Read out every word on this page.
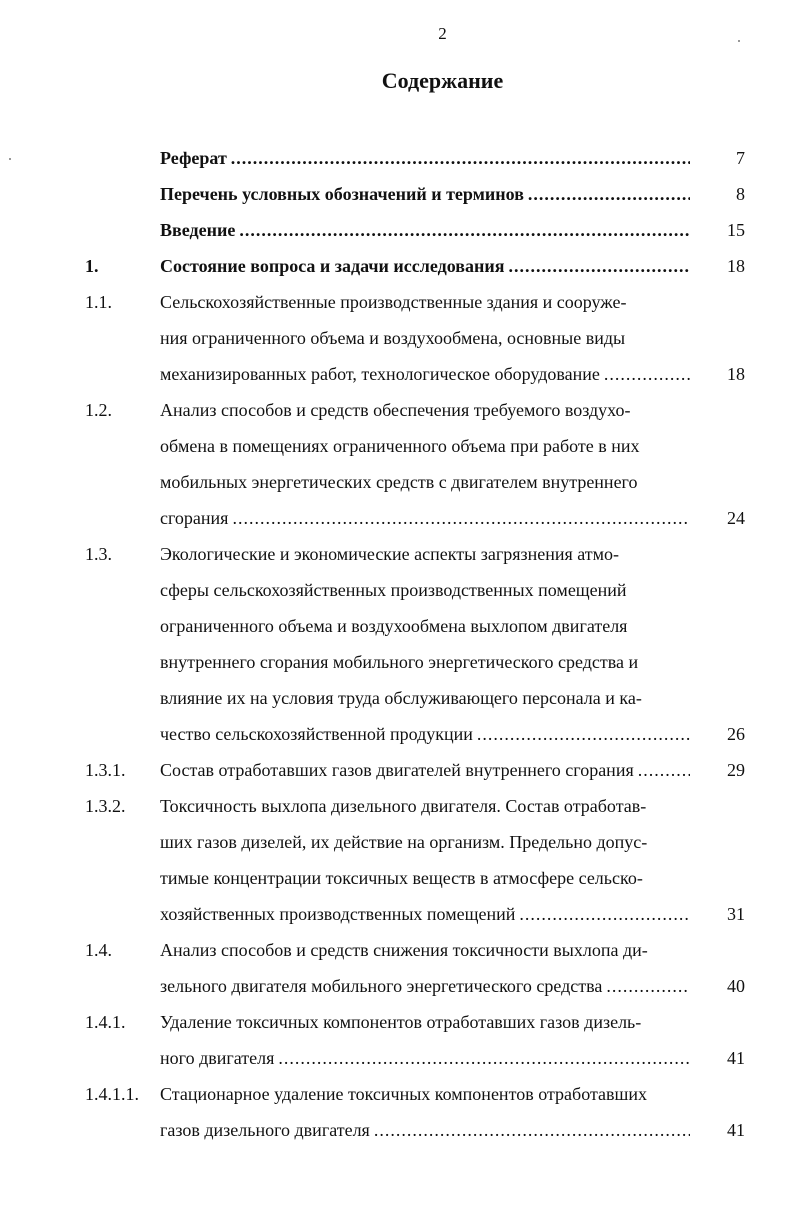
2
Содержание
Реферат .....	7
Перечень условных обозначений и терминов .....	8
Введение .....	15
1.	Состояние вопроса и задачи исследования .....	18
1.1.	Сельскохозяйственные производственные здания и сооруже-
ния ограниченного объема и воздухообмена, основные виды
механизированных работ, технологическое оборудование .....	18
1.2.	Анализ способов и средств обеспечения требуемого воздухо-
обмена в помещениях ограниченного объема при работе в них
мобильных энергетических средств с двигателем внутреннего
сгорания .....	24
1.3.	Экологические и экономические аспекты загрязнения атмо-
сферы сельскохозяйственных производственных помещений
ограниченного объема и воздухообмена выхлопом двигателя
внутреннего сгорания мобильного энергетического средства и
влияние их на условия труда обслуживающего персонала и ка-
чество сельскохозяйственной продукции .....	26
1.3.1. Состав отработавших газов двигателей внутреннего сгорания .....	29
1.3.2. Токсичность выхлопа дизельного двигателя. Состав отработав-
ших газов дизелей, их действие на организм. Предельно допус-
тимые концентрации токсичных веществ в атмосфере сельско-
хозяйственных производственных помещений .....	31
1.4.	Анализ способов и средств снижения токсичности выхлопа ди-
зельного двигателя мобильного энергетического средства .....	40
1.4.1. Удаление токсичных компонентов отработавших газов дизель-
ного двигателя .....	41
1.4.1.1. Стационарное удаление токсичных компонентов отработавших
газов дизельного двигателя .....	41
